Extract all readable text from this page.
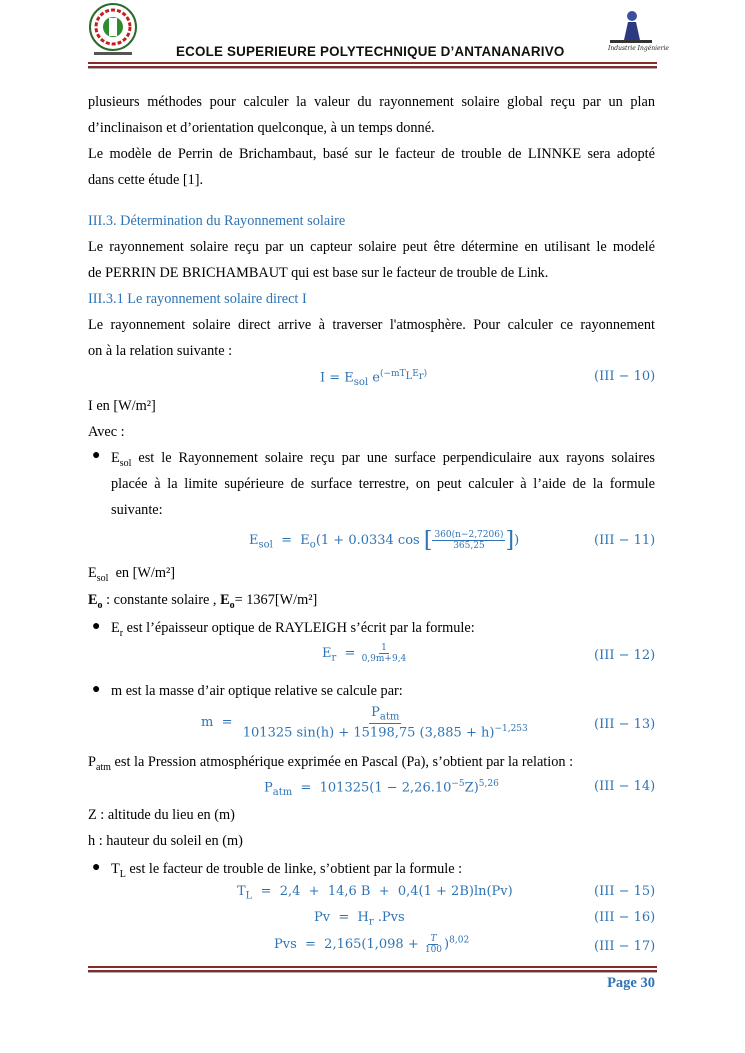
Industrie Ingénierie
ECOLE SUPERIEURE POLYTECHNIQUE D’ANTANANARIVO
plusieurs méthodes pour calculer la valeur du rayonnement solaire global reçu par un plan
d’inclinaison et d’orientation quelconque, à un temps donné.
Le modèle de Perrin de Brichambaut, basé sur le facteur de trouble de LINNKE sera adopté
dans cette étude [1].
III.3. Détermination du Rayonnement solaire
Le rayonnement solaire reçu par un capteur solaire peut être détermine en utilisant le modelé
de PERRIN DE BRICHAMBAUT qui est base sur le facteur de trouble de Link.
III.3.1 Le rayonnement solaire direct I
Le rayonnement solaire direct arrive à traverser l'atmosphère. Pour calculer ce rayonnement
on à la relation suivante :
$I = E_{sol}$ $e^{(-mT_LE_r)}$	(III − 10)
I en [W/m²]
Avec :
● $E_{sol}$ est le Rayonnement solaire reçu par une surface perpendiculaire aux rayons solaires
placée à la limite supérieure de surface terrestre, on peut calculer à l’aide de la formule
suivante:
$E_{sol} = E_o(1 + 0.0334$ cos [ $\frac{360(n-2,7206)}{365,25}$ ])	(III − 11)
$E_{sol}$ en [W/m²]
$E_o$ : constante solaire , $E_o= 1367[W/m^2]$
● $E_r$ est l’épaisseur optique de RAYLEIGH s’écrit par la formule:
$E_r = \frac{1}{0,9m+9,4}$	(III − 12)
● m est la masse d’air optique relative se calcule par:
$m = \frac{P_{atm}}{101325 \sin(h) + 15198,75 (3,885 + h)^{-1,253}}$	(III − 13)
$P_{atm}$ est la Pression atmosphérique exprimée en Pascal (Pa), s’obtient par la relation :
$P_{atm} = 101325(1 - 2,26.10^{-5}Z)^{5,26}$	(III − 14)
Z : altitude du lieu en (m)
h : hauteur du soleil en (m)
● $T_L$ est le facteur de trouble de linke, s’obtient par la formule :
$T_L = 2,4 + 14,6$ B  +  0,4(1 + 2B)ln(Pv)	(III − 15)
$Pv = H_r$ .Pvs	(III − 16)
Pvs  =  $2,165(1,098 + \frac{T}{100} )^{8,02}$	(III − 17)
Page 30
